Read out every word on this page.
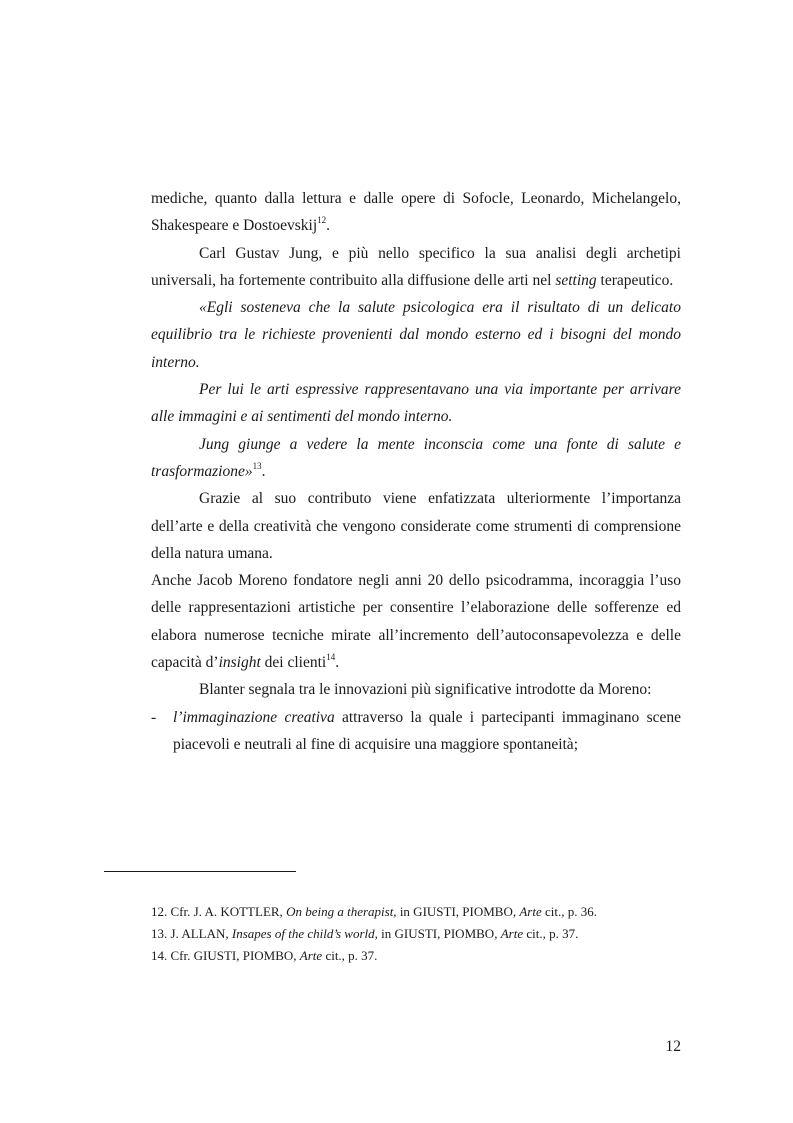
mediche, quanto dalla lettura e dalle opere di Sofocle, Leonardo, Michelangelo, Shakespeare e Dostoevskij$^{12}$.

Carl Gustav Jung, e più nello specifico la sua analisi degli archetipi universali, ha fortemente contribuito alla diffusione delle arti nel setting terapeutico.

«Egli sosteneva che la salute psicologica era il risultato di un delicato equilibrio tra le richieste provenienti dal mondo esterno ed i bisogni del mondo interno.

Per lui le arti espressive rappresentavano una via importante per arrivare alle immagini e ai sentimenti del mondo interno.

Jung giunge a vedere la mente inconscia come una fonte di salute e trasformazione»$^{13}$.

Grazie al suo contributo viene enfatizzata ulteriormente l’importanza dell’arte e della creatività che vengono considerate come strumenti di comprensione della natura umana.

Anche Jacob Moreno fondatore negli anni 20 dello psicodramma, incoraggia l’uso delle rappresentazioni artistiche per consentire l’elaborazione delle sofferenze ed elabora numerose tecniche mirate all’incremento dell’autoconsapevolezza e delle capacità d’insight dei clienti$^{14}$.

Blanter segnala tra le innovazioni più significative introdotte da Moreno:

-	l’immaginazione creativa attraverso la quale i partecipanti immaginano scene piacevoli e neutrali al fine di acquisire una maggiore spontaneità;

12. Cfr. J. A. KOTTLER, On being a therapist, in GIUSTI, PIOMBO, Arte cit., p. 36.

13. J. ALLAN, Insapes of the child’s world, in GIUSTI, PIOMBO, Arte cit., p. 37.

14. Cfr. GIUSTI, PIOMBO, Arte cit., p. 37.

12
